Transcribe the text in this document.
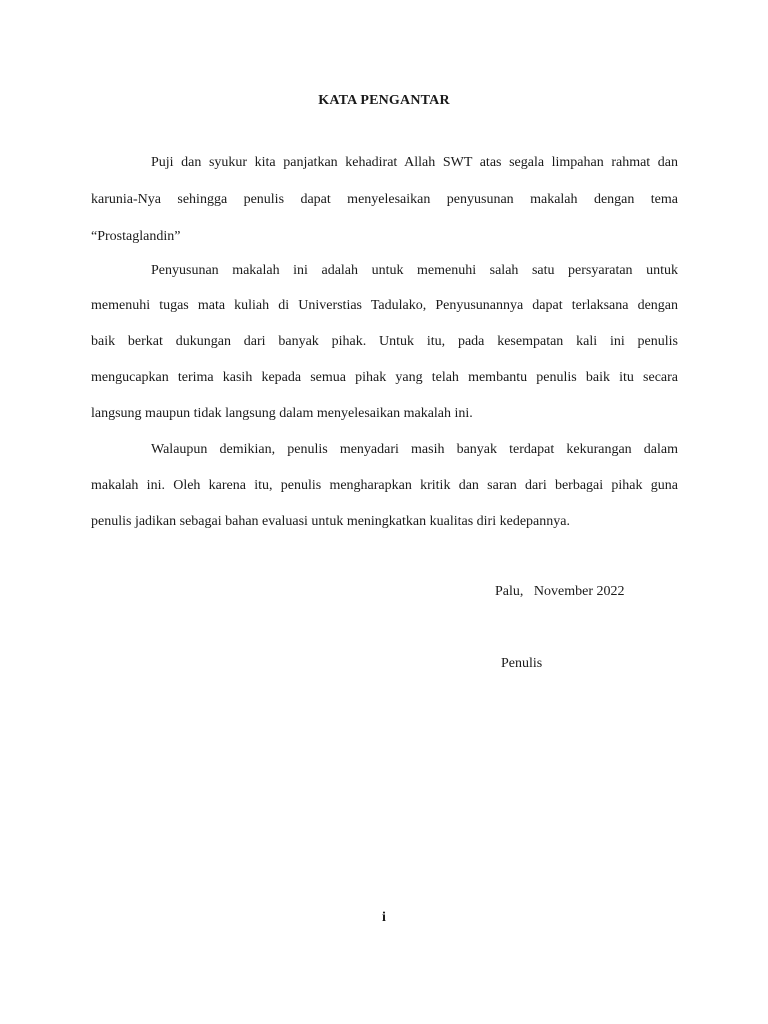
KATA PENGANTAR
Puji dan syukur kita panjatkan kehadirat Allah SWT atas segala limpahan rahmat dan
karunia-Nya sehingga penulis dapat menyelesaikan penyusunan makalah dengan tema
“Prostaglandin”
Penyusunan makalah ini adalah untuk memenuhi salah satu persyaratan untuk
memenuhi tugas mata kuliah di Universtias Tadulako, Penyusunannya dapat terlaksana dengan
baik berkat dukungan dari banyak pihak. Untuk itu, pada kesempatan kali ini penulis
mengucapkan terima kasih kepada semua pihak yang telah membantu penulis baik itu secara
langsung maupun tidak langsung dalam menyelesaikan makalah ini.
Walaupun demikian, penulis menyadari masih banyak terdapat kekurangan dalam
makalah ini. Oleh karena itu, penulis mengharapkan kritik dan saran dari berbagai pihak guna
penulis jadikan sebagai bahan evaluasi untuk meningkatkan kualitas diri kedepannya.
Palu,   November 2022
Penulis
i
